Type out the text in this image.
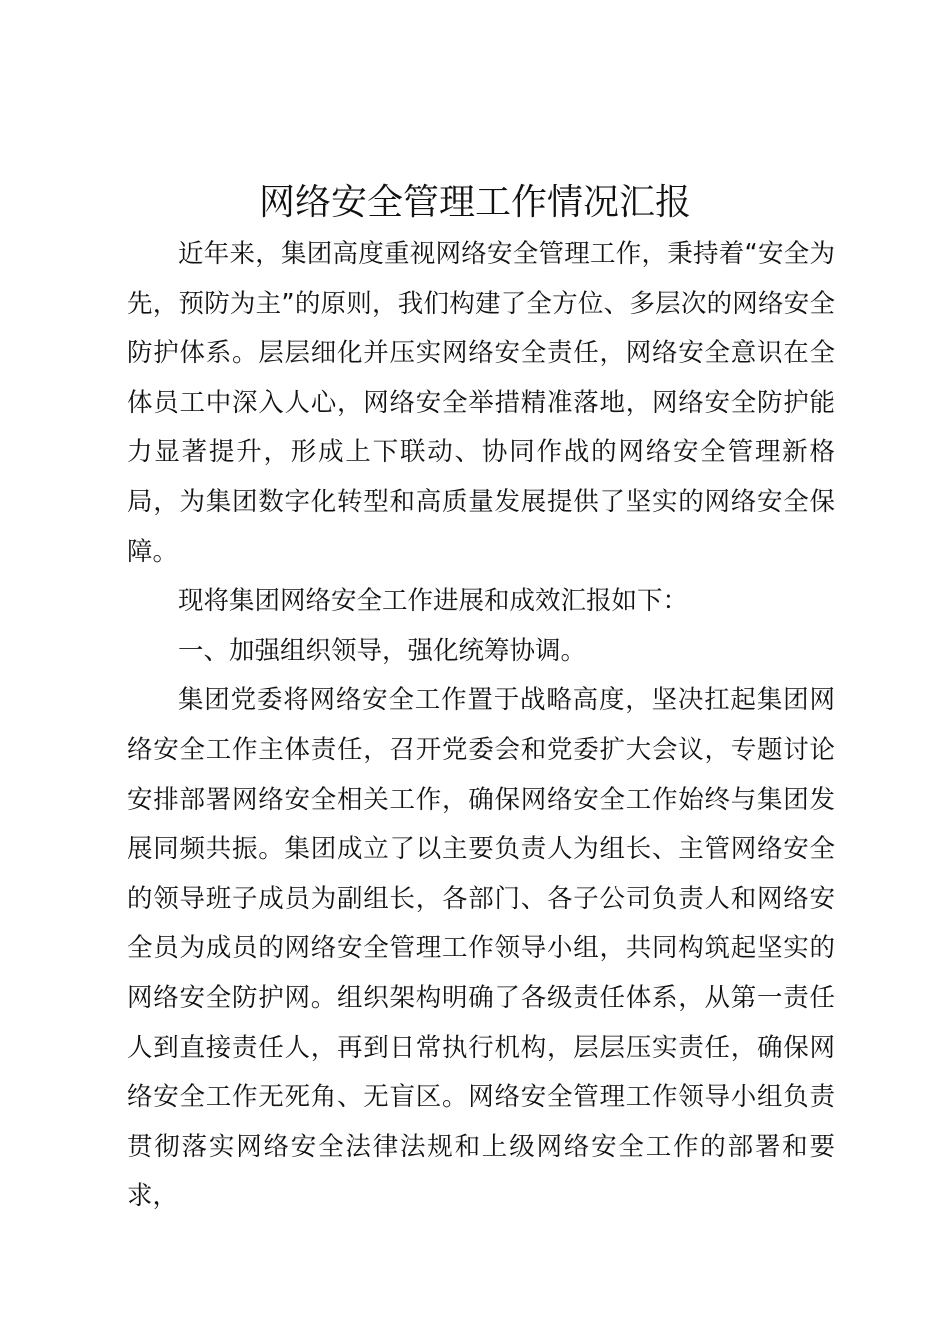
网络安全管理工作情况汇报

近年来，集团高度重视网络安全管理工作，秉持着“安全为先，预防为主”的原则，我们构建了全方位、多层次的网络安全防护体系。层层细化并压实网络安全责任，网络安全意识在全体员工中深入人心，网络安全举措精准落地，网络安全防护能力显著提升，形成上下联动、协同作战的网络安全管理新格局，为集团数字化转型和高质量发展提供了坚实的网络安全保障。

现将集团网络安全工作进展和成效汇报如下：

一、加强组织领导，强化统筹协调。

集团党委将网络安全工作置于战略高度，坚决扛起集团网络安全工作主体责任，召开党委会和党委扩大会议，专题讨论安排部署网络安全相关工作，确保网络安全工作始终与集团发展同频共振。集团成立了以主要负责人为组长、主管网络安全的领导班子成员为副组长，各部门、各子公司负责人和网络安全员为成员的网络安全管理工作领导小组，共同构筑起坚实的网络安全防护网。组织架构明确了各级责任体系，从第一责任人到直接责任人，再到日常执行机构，层层压实责任，确保网络安全工作无死角、无盲区。网络安全管理工作领导小组负责贯彻落实网络安全法律法规和上级网络安全工作的部署和要求，
